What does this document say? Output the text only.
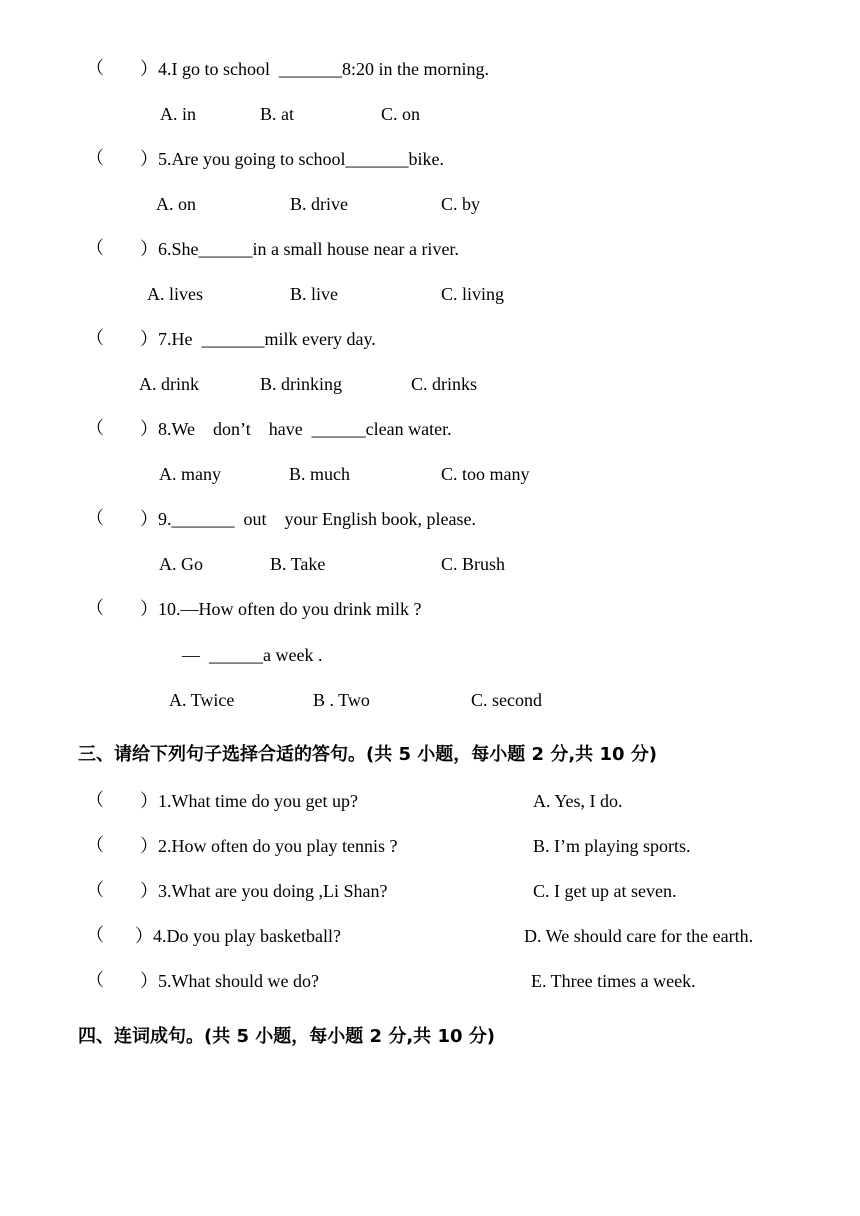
（ ）4.I go to school  _______8:20 in the morning.
A. in	B. at	C. on
（ ）5.Are you going to school_______bike.
A. on	B. drive	C. by
（ ）6.She______in a small house near a river.
A. lives	B. live	C. living
（ ）7.He  _______milk every day.
A. drink	B. drinking	C. drinks
（ ）8.We    don’t    have  ______clean water.
A. many	B. much	C. too many
（ ）9._______  out    your English book, please.
A. Go	B. Take	C. Brush
（ ）10.—How often do you drink milk ?
—  ______a week .
A. Twice	B . Two	C. second
三、请给下列句子选择合适的答句。(共 5 小题，每小题 2 分,共 10 分)
（ ）1.What time do you get up?	A. Yes, I do.
（ ）2.How often do you play tennis ?	B. I’m playing sports.
（ ）3.What are you doing ,Li Shan?	C. I get up at seven.
（ ）4.Do you play basketball?	D. We should care for the earth.
（ ）5.What should we do?	E. Three times a week.
四、连词成句。(共 5 小题，每小题 2 分,共 10 分)
